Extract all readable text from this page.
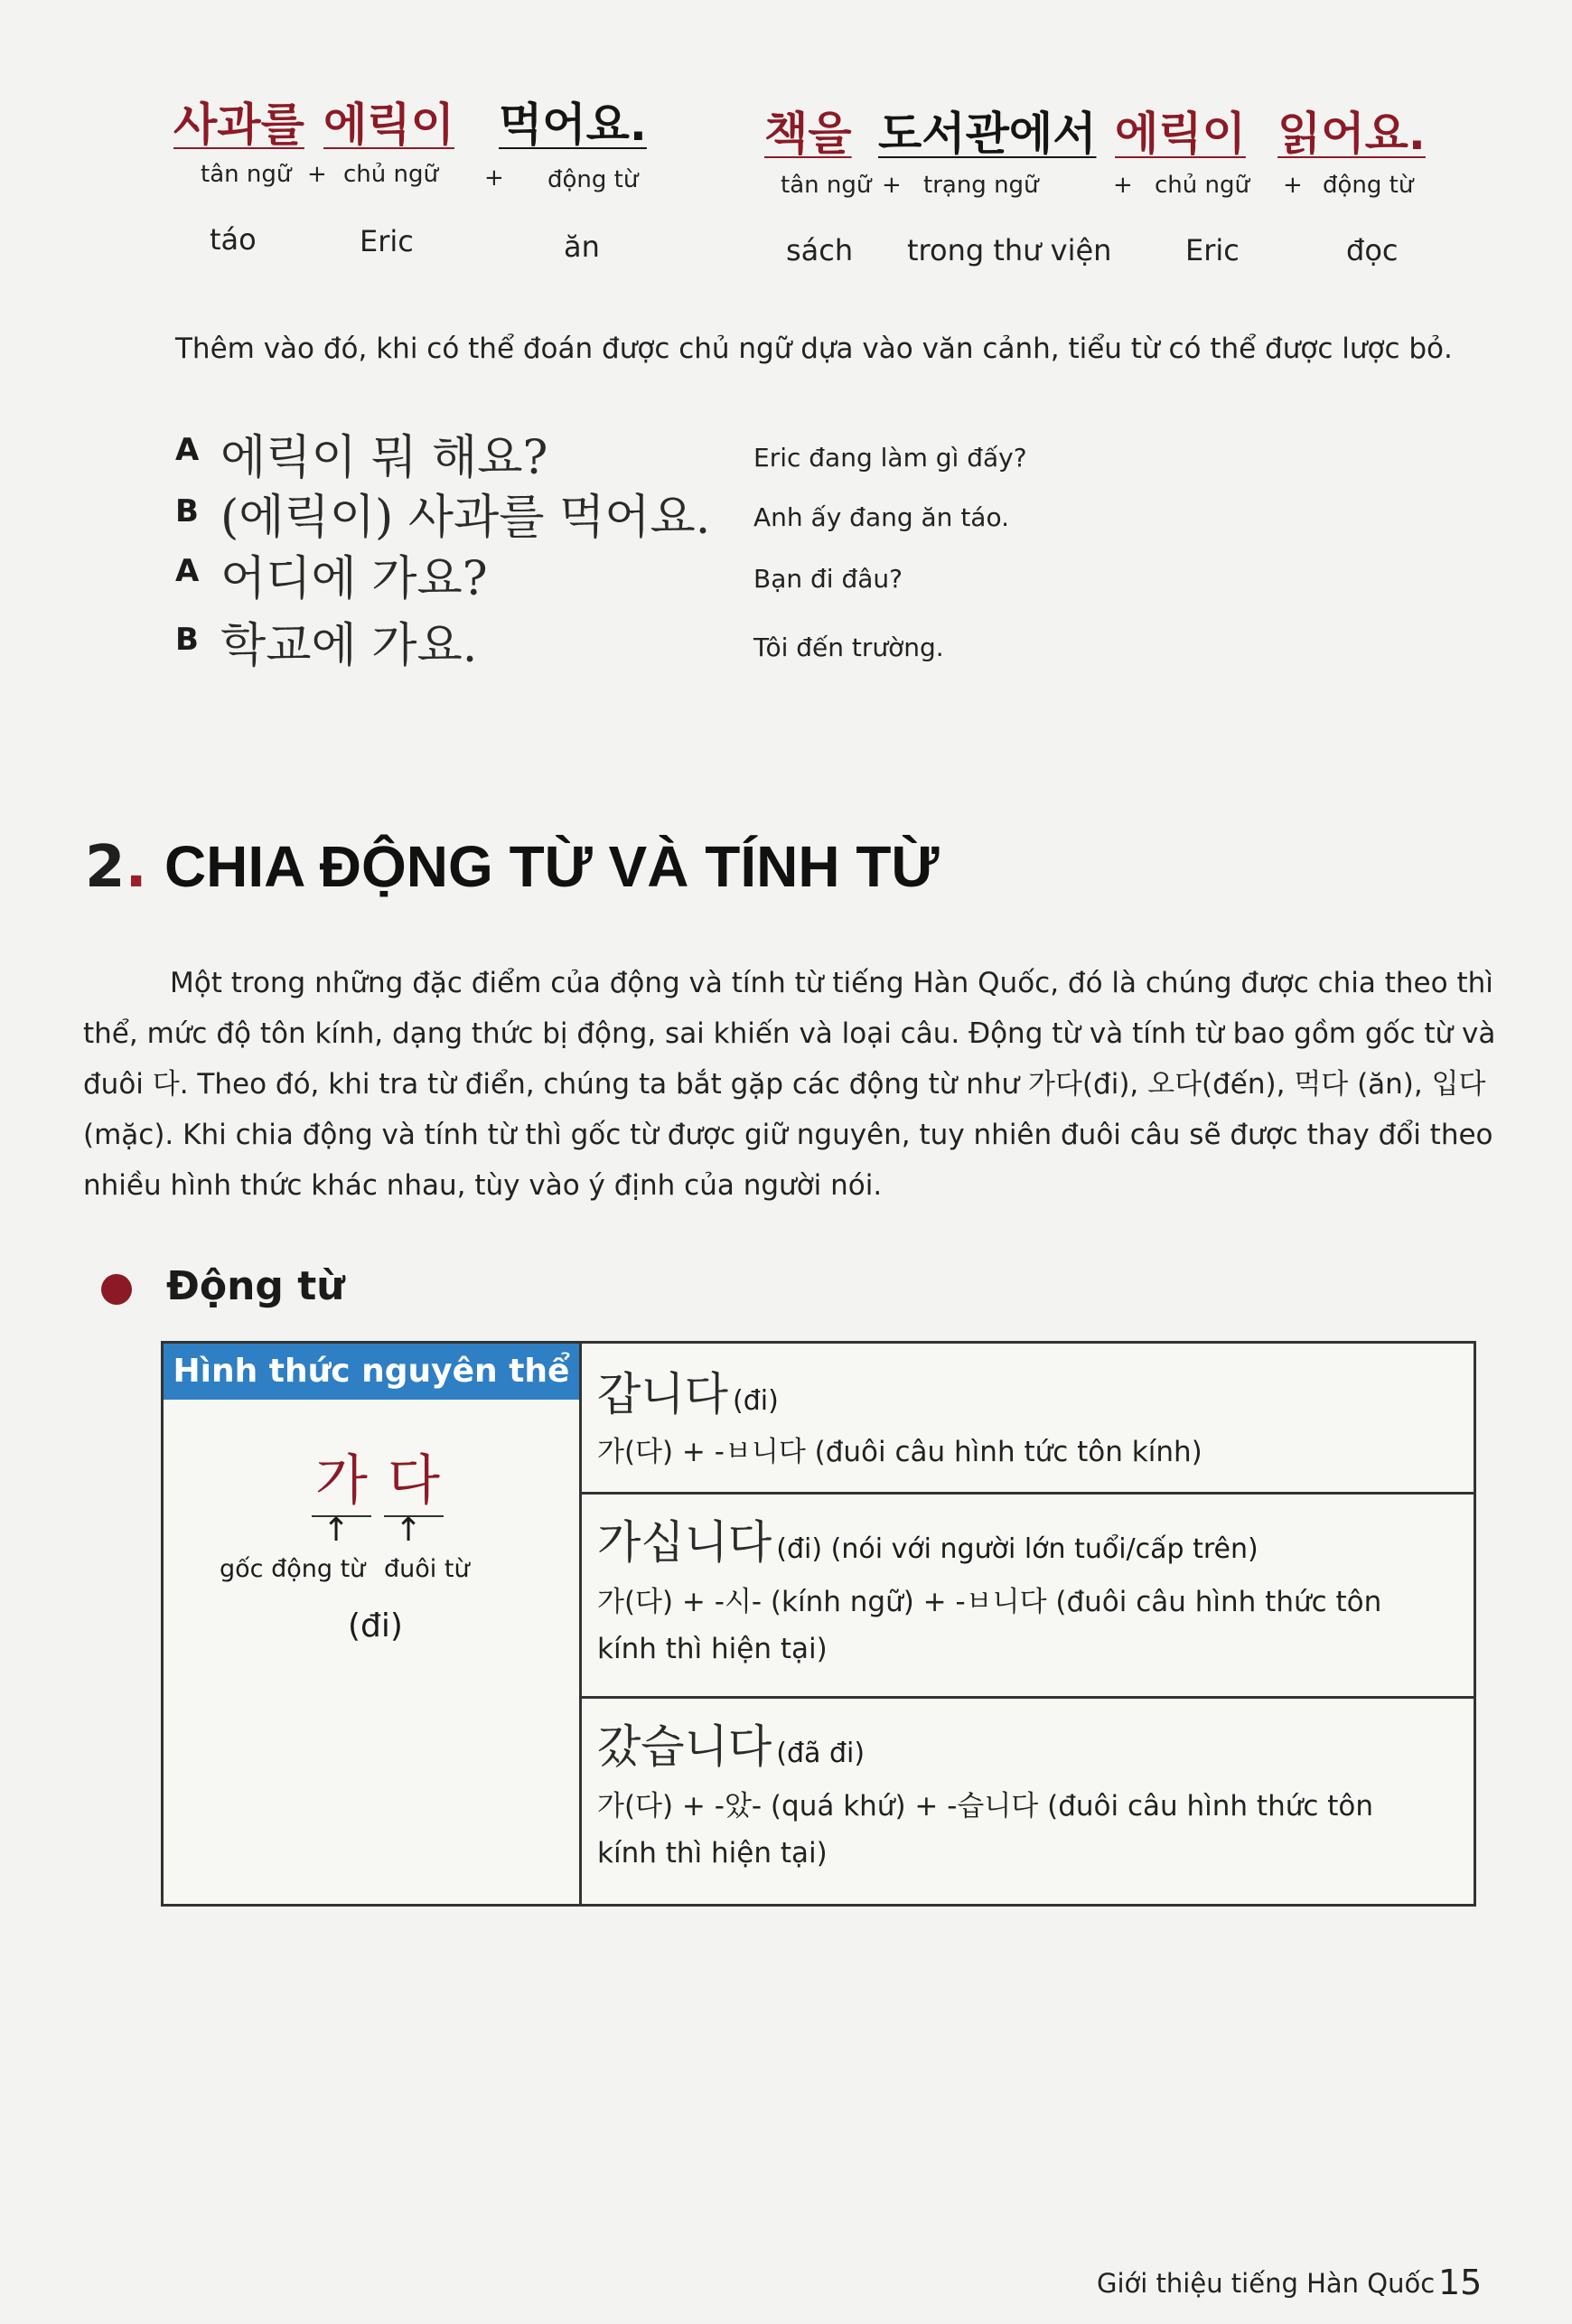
사과를 에릭이 먹어요.
tân ngữ + chủ ngữ + động từ
táo	Eric	ăn
책을 도서관에서 에릭이 읽어요.
tân ngữ + trạng ngữ	+ chủ ngữ + động từ
sách trong thư viện	Eric	đọc
Thêm vào đó, khi có thể đoán được chủ ngữ dựa vào văn cảnh, tiểu từ có thể được lược bỏ.
A 에릭이 뭐 해요?	Eric đang làm gì đấy?
B (에릭이) 사과를 먹어요. Anh ấy đang ăn táo.
A 어디에 가요?	Bạn đi đâu?
B 학교에 가요.	Tôi đến trường.
2. CHIA ĐỘNG TỪ VÀ TÍNH TỪ
Một trong những đặc điểm của động và tính từ tiếng Hàn Quốc, đó là chúng được chia theo thì
thể, mức độ tôn kính, dạng thức bị động, sai khiến và loại câu. Động từ và tính từ bao gồm gốc từ và
đuôi 다. Theo đó, khi tra từ điển, chúng ta bắt gặp các động từ như 가다(đi), 오다(đến), 먹다 (ăn), 입다
(mặc). Khi chia động và tính từ thì gốc từ được giữ nguyên, tuy nhiên đuôi câu sẽ được thay đổi theo
nhiều hình thức khác nhau, tùy vào ý định của người nói.
Động từ
Hình thức nguyên thể
가 다
↑ ↑
gốc động từ đuôi từ
(đi)
갑니다 (đi)
가(다) + -ㅂ니다 (đuôi câu hình tức tôn kính)
가십니다 (đi) (nói với người lớn tuổi/cấp trên)
가(다) + -시- (kính ngữ) + -ㅂ니다 (đuôi câu hình thức tôn
kính thì hiện tại)
갔습니다 (đã đi)
가(다) + -았- (quá khứ) + -습니다 (đuôi câu hình thức tôn
kính thì hiện tại)
Giới thiệu tiếng Hàn Quốc 15
